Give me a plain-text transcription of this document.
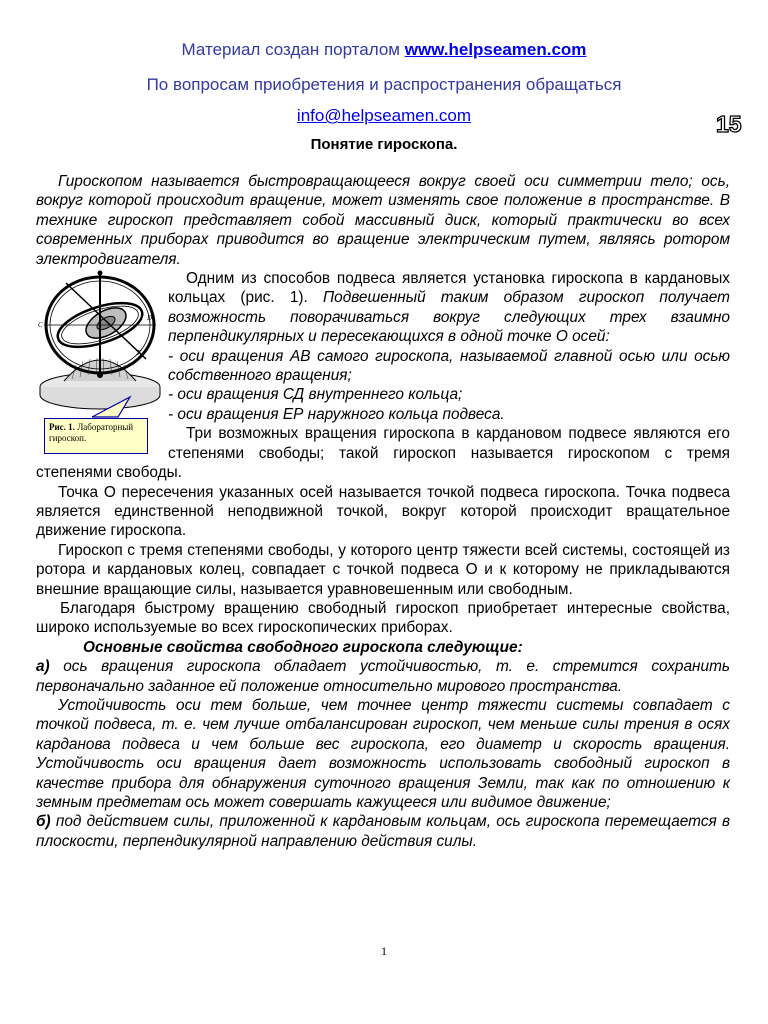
Материал создан порталом www.helpseamen.com
По вопросам приобретения и распространения обращаться
info@helpseamen.com	15
Понятие гироскопа.

Гироскопом называется быстровращающееся вокруг своей оси симметрии тело; ось, вокруг которой происходит вращение, может изменять свое положение в пространстве. В технике гироскоп представляет собой массивный диск, который практически во всех современных приборах приводится во вращение электрическим путем, являясь ротором электродвигателя.

C
D
F
Рис. 1. Лабораторный гироскоп.

Одним из способов подвеса является установка гироскопа в кардановых кольцах (рис. 1). Подвешенный таким образом гироскоп получает возможность поворачиваться вокруг следующих трех взаимно перпендикулярных и пересекающихся в одной точке О осей:

- оси вращения АВ самого гироскопа, называемой главной осью или осью собственного вращения;

- оси вращения СД внутреннего кольца;

- оси вращения ЕР наружного кольца подвеса.

Три возможных вращения гироскопа в кардановом подвесе являются его степенями свободы; такой гироскоп называется гироскопом с тремя степенями свободы.

Точка О пересечения указанных осей называется точкой подвеса гироскопа. Точка подвеса является единственной неподвижной точкой, вокруг которой происходит вращательное движение гироскопа.

Гироскоп с тремя степенями свободы, у которого центр тяжести всей системы, состоящей из ротора и кардановых колец, совпадает с точкой подвеса О и к которому не прикладываются внешние вращающие силы, называется уравновешенным или свободным.

Благодаря быстрому вращению свободный гироскоп приобретает интересные свойства, широко используемые во всех гироскопических приборах.

Основные свойства свободного гироскопа следующие:

а) ось вращения гироскопа обладает устойчивостью, т. е. стремится сохранить первоначально заданное ей положение относительно мирового пространства.

Устойчивость оси тем больше, чем точнее центр тяжести системы совпадает с точкой подвеса, т. е. чем лучше отбалансирован гироскоп, чем меньше силы трения в осях карданова подвеса и чем больше вес гироскопа, его диаметр и скорость вращения. Устойчивость оси вращения дает возможность использовать свободный гироскоп в качестве прибора для обнаружения суточного вращения Земли, так как по отношению к земным предметам ось может совершать кажущееся или видимое движение;

б) под действием силы, приложенной к кардановым кольцам, ось гироскопа перемещается в плоскости, перпендикулярной направлению действия силы.

1
